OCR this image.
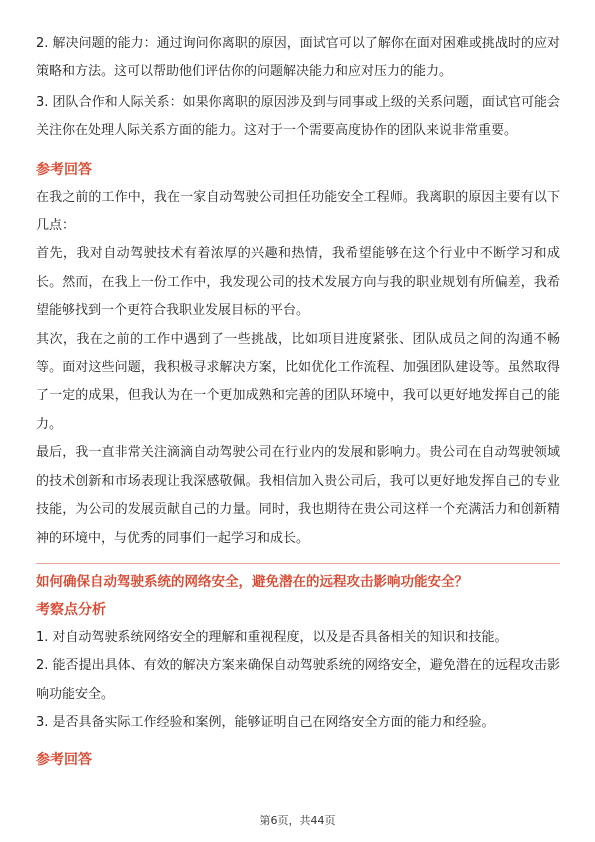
2. 解决问题的能力：通过询问你离职的原因，面试官可以了解你在面对困难或挑战时的应对策略和方法。这可以帮助他们评估你的问题解决能力和应对压力的能力。

3. 团队合作和人际关系：如果你离职的原因涉及到与同事或上级的关系问题，面试官可能会关注你在处理人际关系方面的能力。这对于一个需要高度协作的团队来说非常重要。

参考回答

在我之前的工作中，我在一家自动驾驶公司担任功能安全工程师。我离职的原因主要有以下几点：

首先，我对自动驾驶技术有着浓厚的兴趣和热情，我希望能够在这个行业中不断学习和成长。然而，在我上一份工作中，我发现公司的技术发展方向与我的职业规划有所偏差，我希望能够找到一个更符合我职业发展目标的平台。

其次，我在之前的工作中遇到了一些挑战，比如项目进度紧张、团队成员之间的沟通不畅等。面对这些问题，我积极寻求解决方案，比如优化工作流程、加强团队建设等。虽然取得了一定的成果，但我认为在一个更加成熟和完善的团队环境中，我可以更好地发挥自己的能力。

最后，我一直非常关注滴滴自动驾驶公司在行业内的发展和影响力。贵公司在自动驾驶领域的技术创新和市场表现让我深感敬佩。我相信加入贵公司后，我可以更好地发挥自己的专业技能，为公司的发展贡献自己的力量。同时，我也期待在贵公司这样一个充满活力和创新精神的环境中，与优秀的同事们一起学习和成长。

如何确保自动驾驶系统的网络安全，避免潜在的远程攻击影响功能安全？
考察点分析

1. 对自动驾驶系统网络安全的理解和重视程度，以及是否具备相关的知识和技能。

2. 能否提出具体、有效的解决方案来确保自动驾驶系统的网络安全，避免潜在的远程攻击影响功能安全。

3. 是否具备实际工作经验和案例，能够证明自己在网络安全方面的能力和经验。

参考回答
第6页，共44页
